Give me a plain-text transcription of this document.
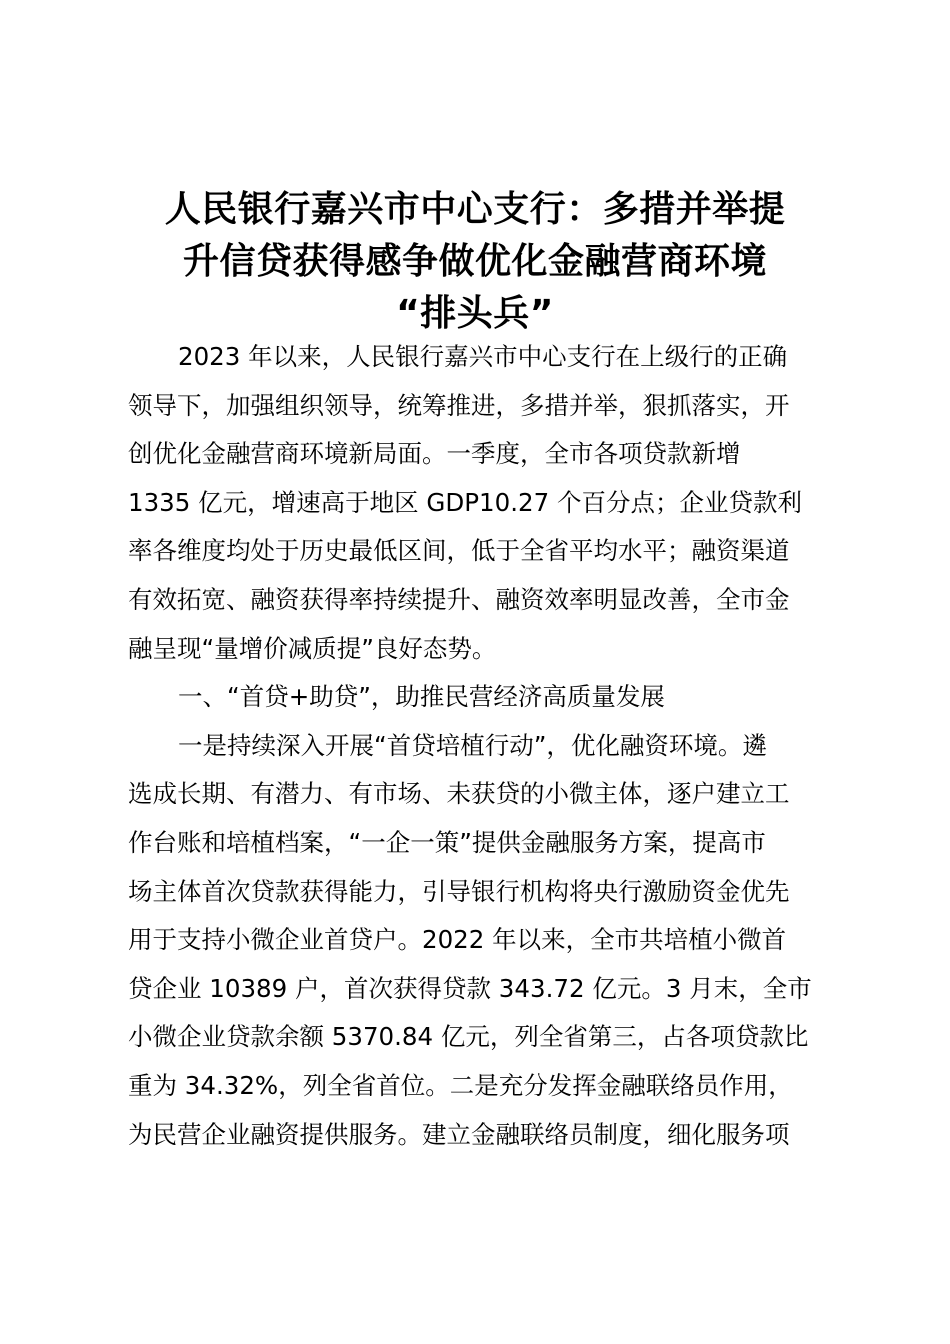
人民银行嘉兴市中心支行：多措并举提
升信贷获得感争做优化金融营商环境
“排头兵”

2023 年以来，人民银行嘉兴市中心支行在上级行的正确
领导下，加强组织领导，统筹推进，多措并举，狠抓落实，开
创优化金融营商环境新局面。一季度，全市各项贷款新增
1335 亿元，增速高于地区 GDP10.27 个百分点；企业贷款利
率各维度均处于历史最低区间，低于全省平均水平；融资渠道
有效拓宽、融资获得率持续提升、融资效率明显改善，全市金
融呈现“量增价减质提”良好态势。

一、“首贷+助贷”，助推民营经济高质量发展

一是持续深入开展“首贷培植行动”，优化融资环境。遴
选成长期、有潜力、有市场、未获贷的小微主体，逐户建立工
作台账和培植档案，“一企一策”提供金融服务方案，提高市
场主体首次贷款获得能力，引导银行机构将央行激励资金优先
用于支持小微企业首贷户。2022 年以来，全市共培植小微首
贷企业 10389 户，首次获得贷款 343.72 亿元。3 月末，全市
小微企业贷款余额 5370.84 亿元，列全省第三，占各项贷款比
重为 34.32%，列全省首位。二是充分发挥金融联络员作用，
为民营企业融资提供服务。建立金融联络员制度，细化服务项
